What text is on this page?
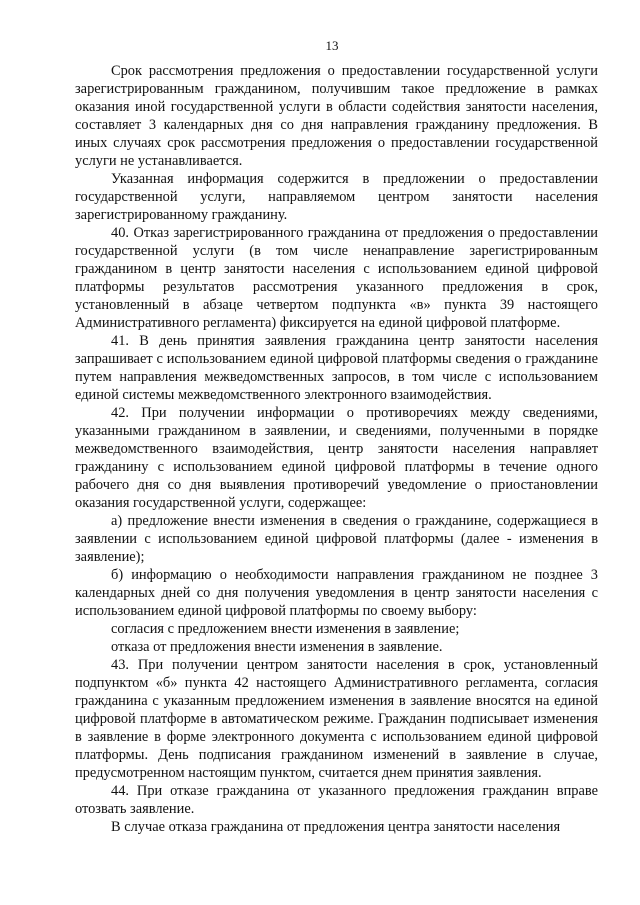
13

Срок рассмотрения предложения о предоставлении государственной услуги зарегистрированным гражданином, получившим такое предложение в рамках оказания иной государственной услуги в области содействия занятости населения, составляет 3 календарных дня со дня направления гражданину предложения. В иных случаях срок рассмотрения предложения о предоставлении государственной услуги не устанавливается.

Указанная информация содержится в предложении о предоставлении государственной услуги, направляемом центром занятости населения зарегистрированному гражданину.

40. Отказ зарегистрированного гражданина от предложения о предоставлении государственной услуги (в том числе ненаправление зарегистрированным гражданином в центр занятости населения с использованием единой цифровой платформы результатов рассмотрения указанного предложения в срок, установленный в абзаце четвертом подпункта «в» пункта 39 настоящего Административного регламента) фиксируется на единой цифровой платформе.

41. В день принятия заявления гражданина центр занятости населения запрашивает с использованием единой цифровой платформы сведения о гражданине путем направления межведомственных запросов, в том числе с использованием единой системы межведомственного электронного взаимодействия.

42. При получении информации о противоречиях между сведениями, указанными гражданином в заявлении, и сведениями, полученными в порядке межведомственного взаимодействия, центр занятости населения направляет гражданину с использованием единой цифровой платформы в течение одного рабочего дня со дня выявления противоречий уведомление о приостановлении оказания государственной услуги, содержащее:

а) предложение внести изменения в сведения о гражданине, содержащиеся в заявлении с использованием единой цифровой платформы (далее - изменения в заявление);

б) информацию о необходимости направления гражданином не позднее 3 календарных дней со дня получения уведомления в центр занятости населения с использованием единой цифровой платформы по своему выбору:

согласия с предложением внести изменения в заявление;

отказа от предложения внести изменения в заявление.

43. При получении центром занятости населения в срок, установленный подпунктом «б» пункта 42 настоящего Административного регламента, согласия гражданина с указанным предложением изменения в заявление вносятся на единой цифровой платформе в автоматическом режиме. Гражданин подписывает изменения в заявление в форме электронного документа с использованием единой цифровой платформы. День подписания гражданином изменений в заявление в случае, предусмотренном настоящим пунктом, считается днем принятия заявления.

44. При отказе гражданина от указанного предложения гражданин вправе отозвать заявление.

В случае отказа гражданина от предложения центра занятости населения
